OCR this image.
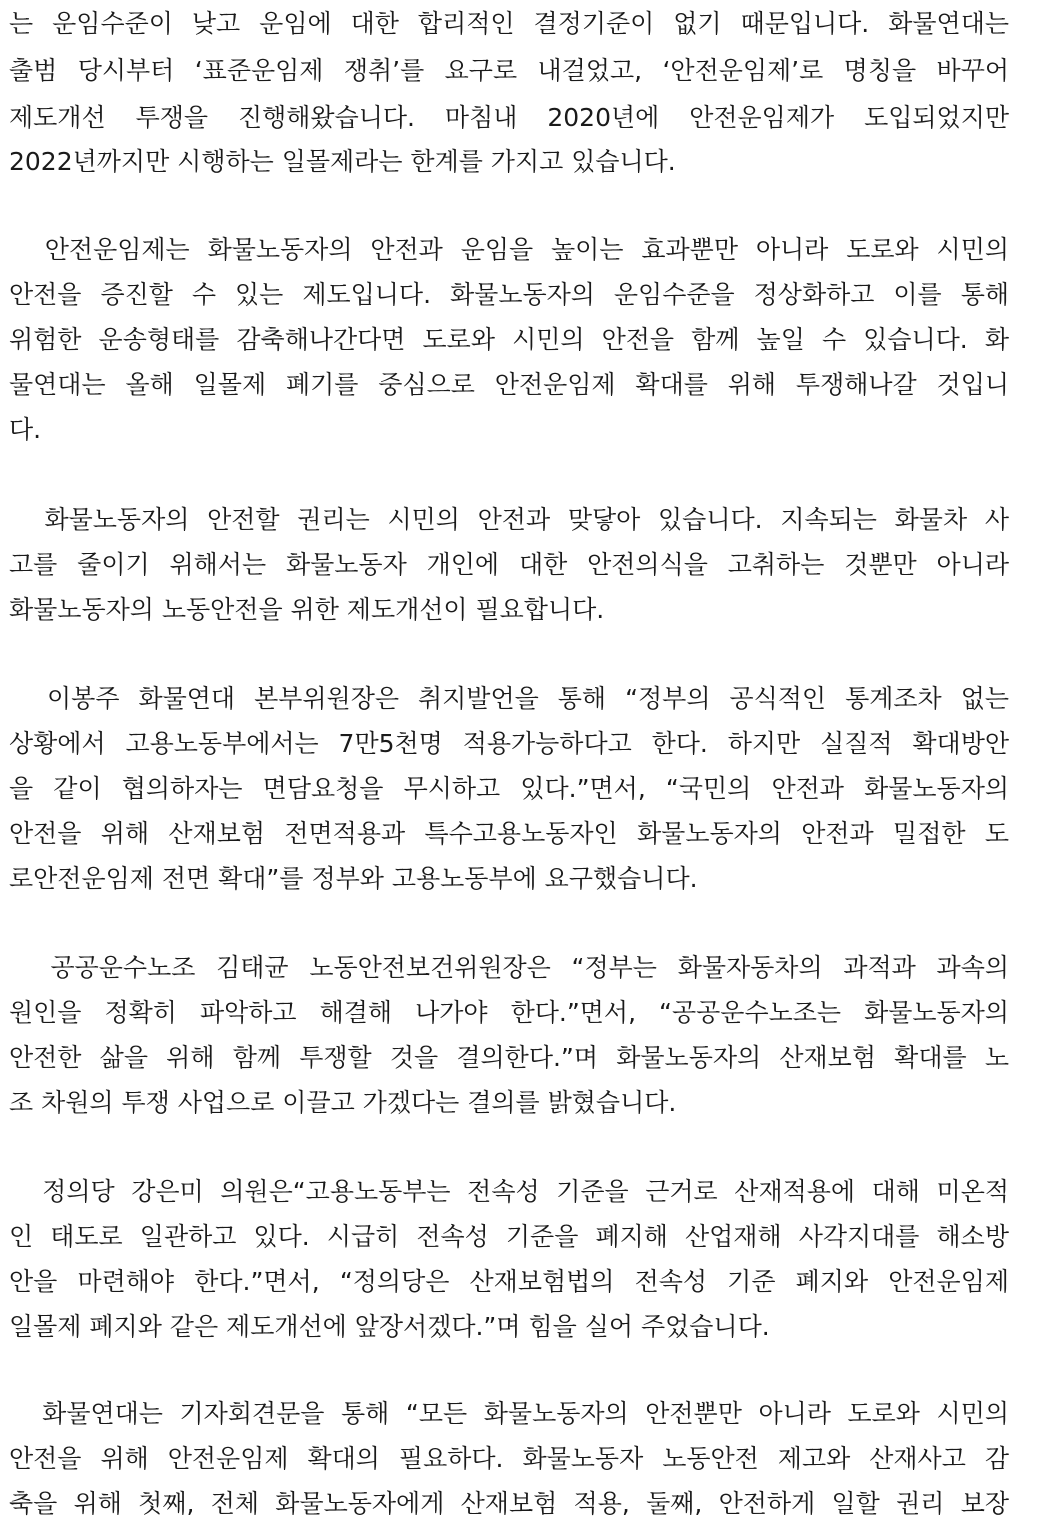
는 운임수준이 낮고 운임에 대한 합리적인 결정기준이 없기 때문입니다. 화물연대는
출범 당시부터 ‘표준운임제 쟁취’를 요구로 내걸었고, ‘안전운임제’로 명칭을 바꾸어
제도개선 투쟁을 진행해왔습니다. 마침내 2020년에 안전운임제가 도입되었지만
2022년까지만 시행하는 일몰제라는 한계를 가지고 있습니다.
안전운임제는 화물노동자의 안전과 운임을 높이는 효과뿐만 아니라 도로와 시민의
안전을 증진할 수 있는 제도입니다. 화물노동자의 운임수준을 정상화하고 이를 통해
위험한 운송형태를 감축해나간다면 도로와 시민의 안전을 함께 높일 수 있습니다. 화
물연대는 올해 일몰제 폐기를 중심으로 안전운임제 확대를 위해 투쟁해나갈 것입니
다.
화물노동자의 안전할 권리는 시민의 안전과 맞닿아 있습니다. 지속되는 화물차 사
고를 줄이기 위해서는 화물노동자 개인에 대한 안전의식을 고취하는 것뿐만 아니라
화물노동자의 노동안전을 위한 제도개선이 필요합니다.
이봉주 화물연대 본부위원장은 취지발언을 통해 “정부의 공식적인 통계조차 없는
상황에서 고용노동부에서는 7만5천명 적용가능하다고 한다. 하지만 실질적 확대방안
을 같이 협의하자는 면담요청을 무시하고 있다.”면서, “국민의 안전과 화물노동자의
안전을 위해 산재보험 전면적용과 특수고용노동자인 화물노동자의 안전과 밀접한 도
로안전운임제 전면 확대”를 정부와 고용노동부에 요구했습니다.
공공운수노조 김태균 노동안전보건위원장은 “정부는 화물자동차의 과적과 과속의
원인을 정확히 파악하고 해결해 나가야 한다.”면서, “공공운수노조는 화물노동자의
안전한 삶을 위해 함께 투쟁할 것을 결의한다.”며 화물노동자의 산재보험 확대를 노
조 차원의 투쟁 사업으로 이끌고 가겠다는 결의를 밝혔습니다.
정의당 강은미 의원은“고용노동부는 전속성 기준을 근거로 산재적용에 대해 미온적
인 태도로 일관하고 있다. 시급히 전속성 기준을 폐지해 산업재해 사각지대를 해소방
안을 마련해야 한다.”면서, “정의당은 산재보험법의 전속성 기준 폐지와 안전운임제
일몰제 폐지와 같은 제도개선에 앞장서겠다.”며 힘을 실어 주었습니다.
화물연대는 기자회견문을 통해 “모든 화물노동자의 안전뿐만 아니라 도로와 시민의
안전을 위해 안전운임제 확대의 필요하다. 화물노동자 노동안전 제고와 산재사고 감
축을 위해 첫째, 전체 화물노동자에게 산재보험 적용, 둘째, 안전하게 일할 권리 보장
